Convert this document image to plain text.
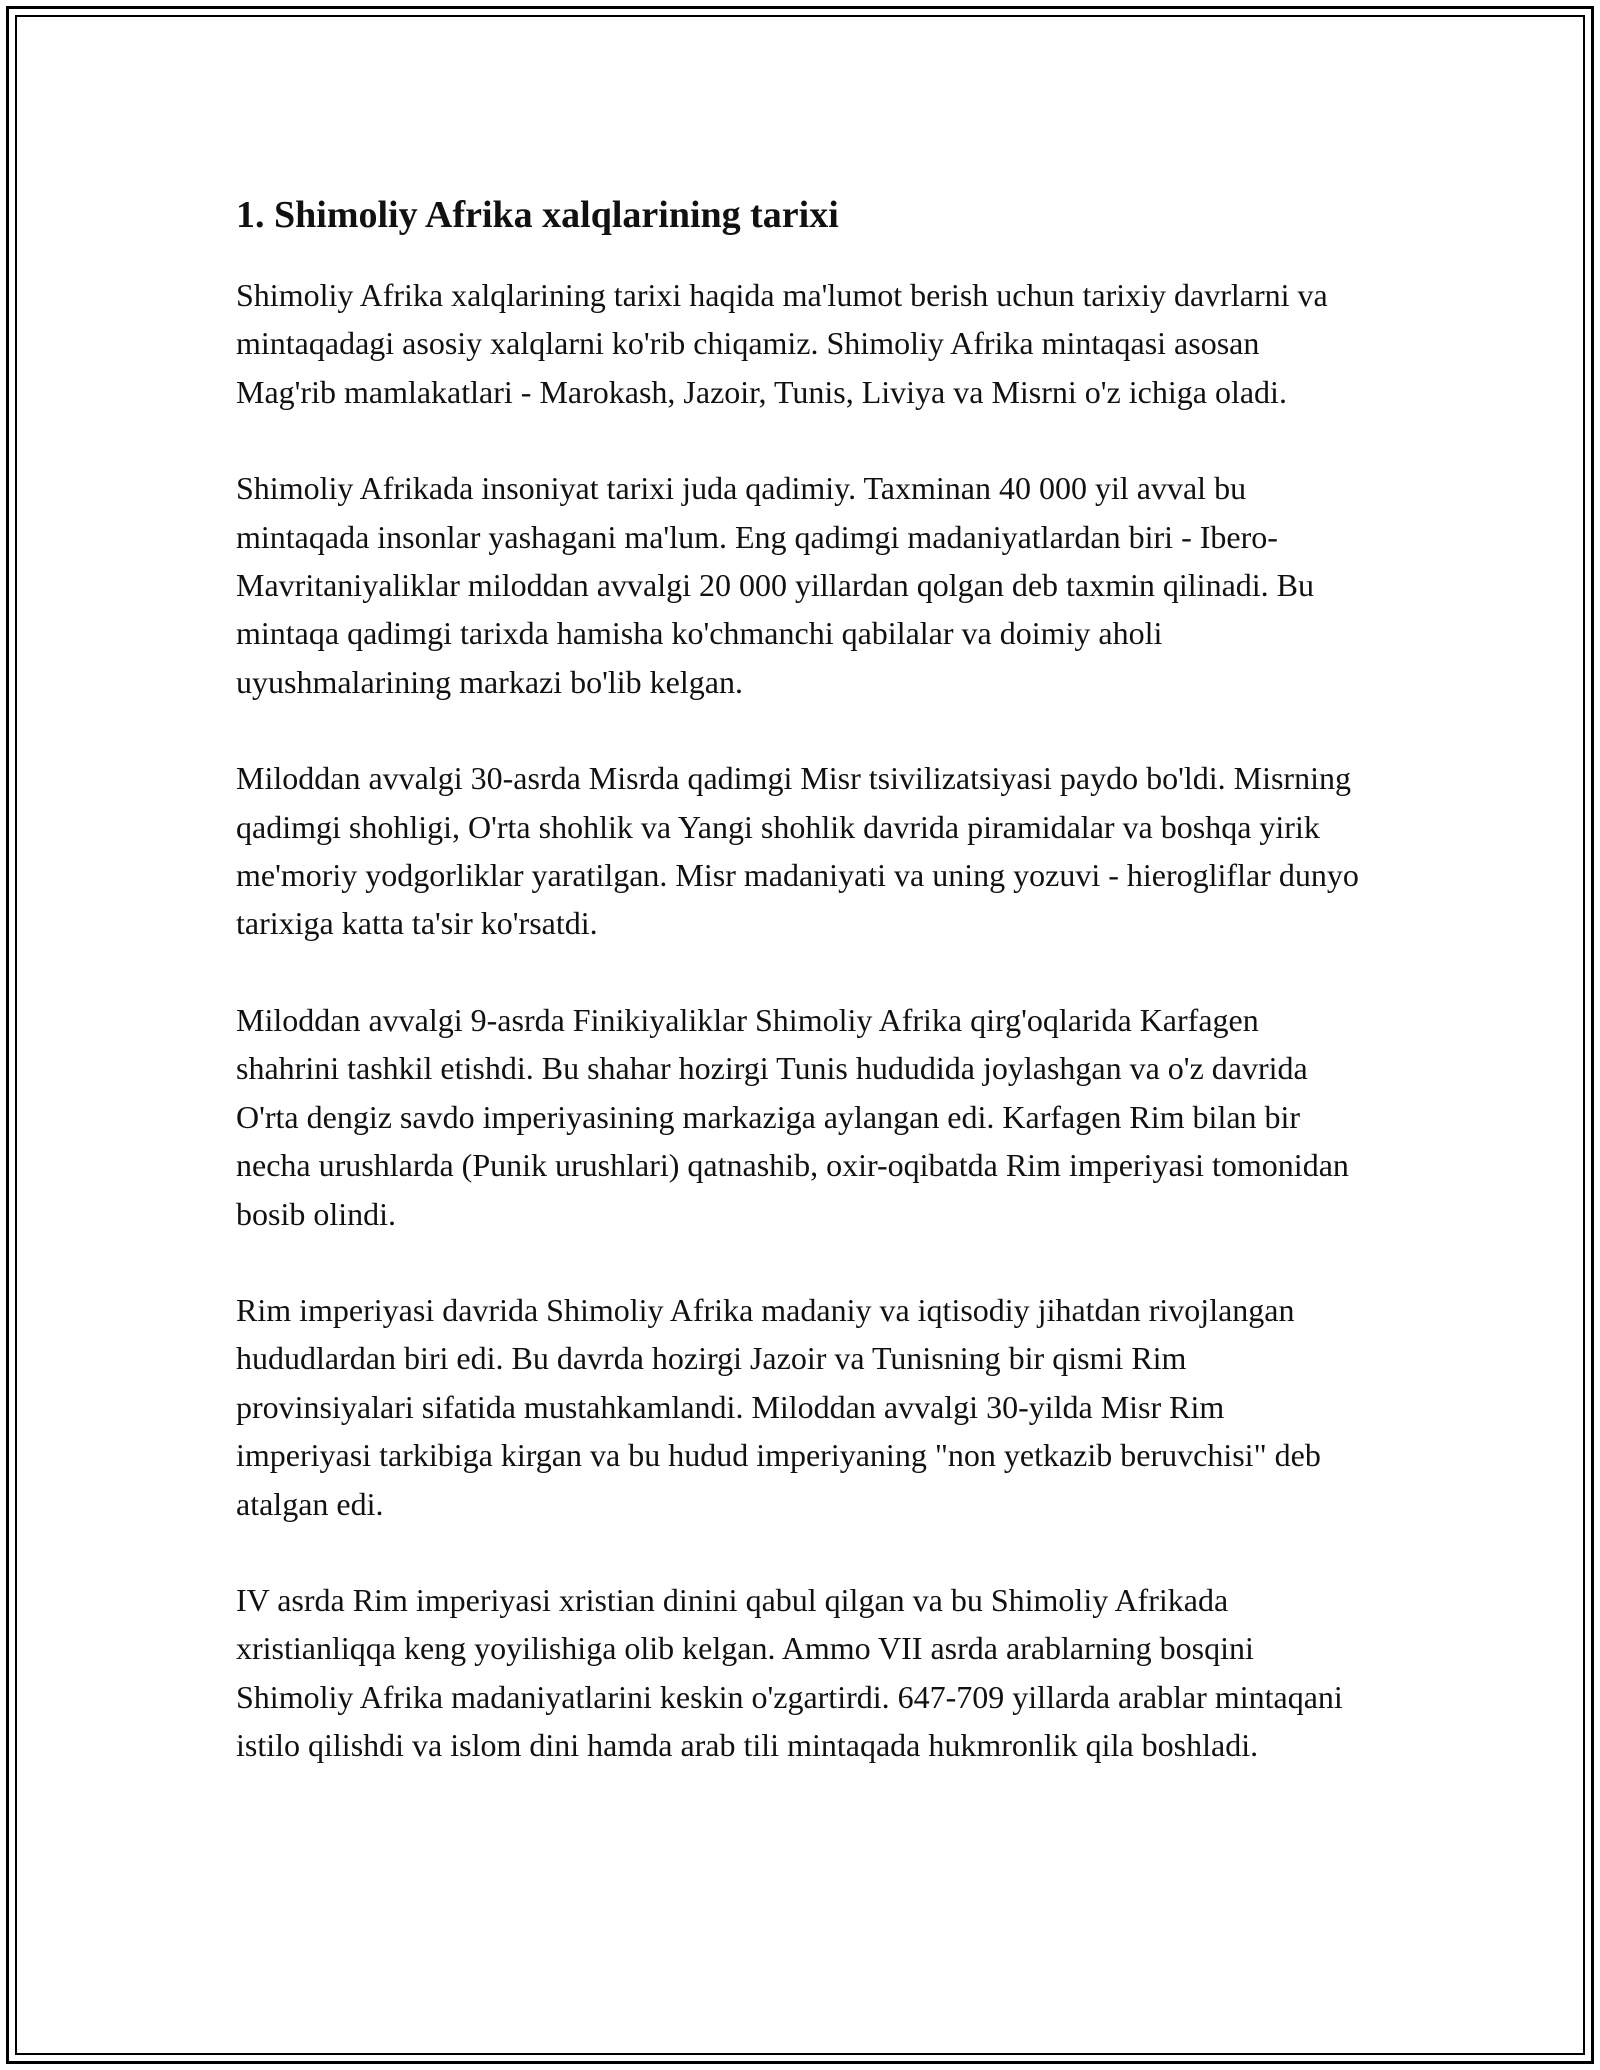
1. Shimoliy Afrika xalqlarining tarixi

Shimoliy Afrika xalqlarining tarixi haqida ma'lumot berish uchun tarixiy davrlarni va mintaqadagi asosiy xalqlarni ko'rib chiqamiz. Shimoliy Afrika mintaqasi asosan Mag'rib mamlakatlari - Marokash, Jazoir, Tunis, Liviya va Misrni o'z ichiga oladi.

Shimoliy Afrikada insoniyat tarixi juda qadimiy. Taxminan 40 000 yil avval bu mintaqada insonlar yashagani ma'lum. Eng qadimgi madaniyatlardan biri - Ibero-Mavritaniyaliklar miloddan avvalgi 20 000 yillardan qolgan deb taxmin qilinadi. Bu mintaqa qadimgi tarixda hamisha ko'chmanchi qabilalar va doimiy aholi uyushmalarining markazi bo'lib kelgan.

Miloddan avvalgi 30-asrda Misrda qadimgi Misr tsivilizatsiyasi paydo bo'ldi. Misrning qadimgi shohligi, O'rta shohlik va Yangi shohlik davrida piramidalar va boshqa yirik me'moriy yodgorliklar yaratilgan. Misr madaniyati va uning yozuvi - hierogliflar dunyo tarixiga katta ta'sir ko'rsatdi.

Miloddan avvalgi 9-asrda Finikiyaliklar Shimoliy Afrika qirg'oqlarida Karfagen shahrini tashkil etishdi. Bu shahar hozirgi Tunis hududida joylashgan va o'z davrida O'rta dengiz savdo imperiyasining markaziga aylangan edi. Karfagen Rim bilan bir necha urushlarda (Punik urushlari) qatnashib, oxir-oqibatda Rim imperiyasi tomonidan bosib olindi.

Rim imperiyasi davrida Shimoliy Afrika madaniy va iqtisodiy jihatdan rivojlangan hududlardan biri edi. Bu davrda hozirgi Jazoir va Tunisning bir qismi Rim provinsiyalari sifatida mustahkamlandi. Miloddan avvalgi 30-yilda Misr Rim imperiyasi tarkibiga kirgan va bu hudud imperiyaning "non yetkazib beruvchisi" deb atalgan edi.

IV asrda Rim imperiyasi xristian dinini qabul qilgan va bu Shimoliy Afrikada xristianliqqa keng yoyilishiga olib kelgan. Ammo VII asrda arablarning bosqini Shimoliy Afrika madaniyatlarini keskin o'zgartirdi. 647-709 yillarda arablar mintaqani istilo qilishdi va islom dini hamda arab tili mintaqada hukmronlik qila boshladi.
